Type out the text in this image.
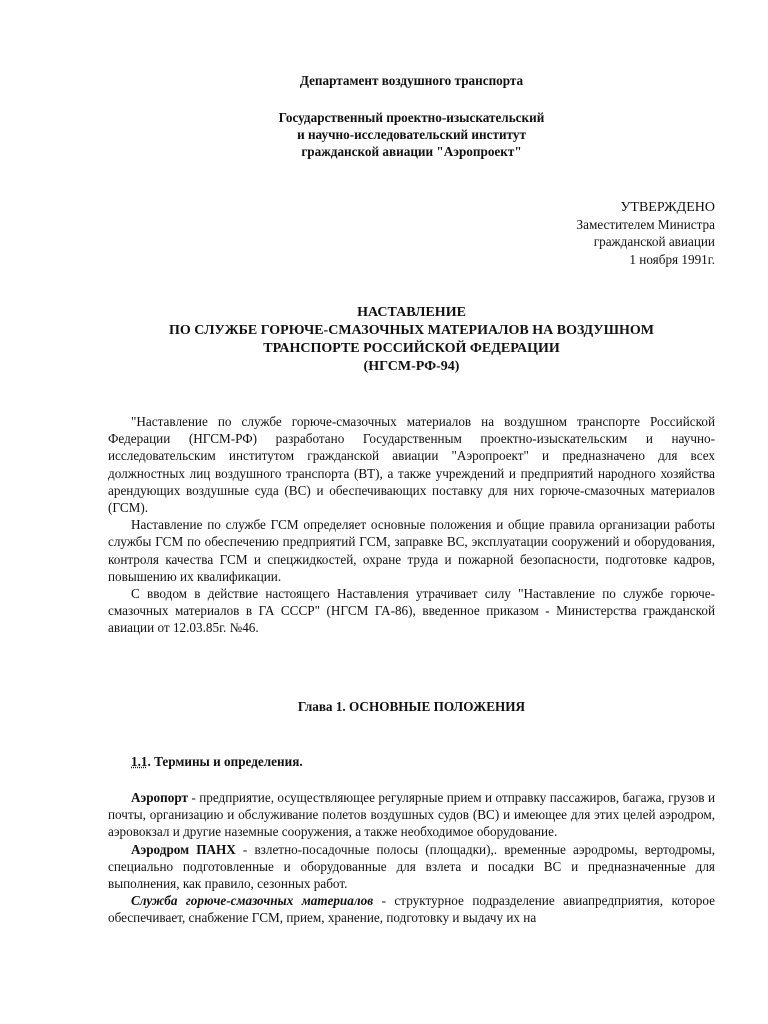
Департамент воздушного транспорта
Государственный проектно-изыскательский
и научно-исследовательский институт
гражданской авиации "Аэропроект"
УТВЕРЖДЕНО
Заместителем Министра
гражданской авиации
1 ноября 1991г.
НАСТАВЛЕНИЕ
ПО СЛУЖБЕ ГОРЮЧЕ-СМАЗОЧНЫХ МАТЕРИАЛОВ НА ВОЗДУШНОМ
ТРАНСПОРТЕ РОССИЙСКОЙ ФЕДЕРАЦИИ
(НГСМ-РФ-94)

"Наставление по службе горюче-смазочных материалов на воздушном транспорте Российской Федерации (НГСМ-РФ) разработано Государственным проектно-изыскательским и научно-исследовательским институтом гражданской авиации "Аэропроект" и предназначено для всех должностных лиц воздушного транспорта (ВТ), а также учреждений и предприятий народного хозяйства арендующих воздушные суда (ВС) и обеспечивающих поставку для них горюче-смазочных материалов (ГСМ).

Наставление по службе ГСМ определяет основные положения и общие правила организации работы службы ГСМ по обеспечению предприятий ГСМ, заправке ВС, эксплуатации сооружений и оборудования, контроля качества ГСМ и спецжидкостей, охране труда и пожарной безопасности, подготовке кадров, повышению их квалификации.

С вводом в действие настоящего Наставления утрачивает силу "Наставление по службе горюче-смазочных материалов в ГА СССР" (НГСМ ГА-86), введенное приказом - Министерства гражданской авиации от 12.03.85г. №46.

Глава 1. ОСНОВНЫЕ ПОЛОЖЕНИЯ
1.1. Термины и определения.

Аэропорт - предприятие, осуществляющее регулярные прием и отправку пассажиров, багажа, грузов и почты, организацию и обслуживание полетов воздушных судов (ВС) и имеющее для этих целей аэродром, аэровокзал и другие наземные сооружения, а также необходимое оборудование.

Аэродром ПАНХ - взлетно-посадочные полосы (площадки),. временные аэродромы, вертодромы, специально подготовленные и оборудованные для взлета и посадки ВС и предназначенные для выполнения, как правило, сезонных работ.

Служба горюче-смазочных материалов - структурное подразделение авиапредприятия, которое обеспечивает, снабжение ГСМ, прием, хранение, подготовку и выдачу их на
